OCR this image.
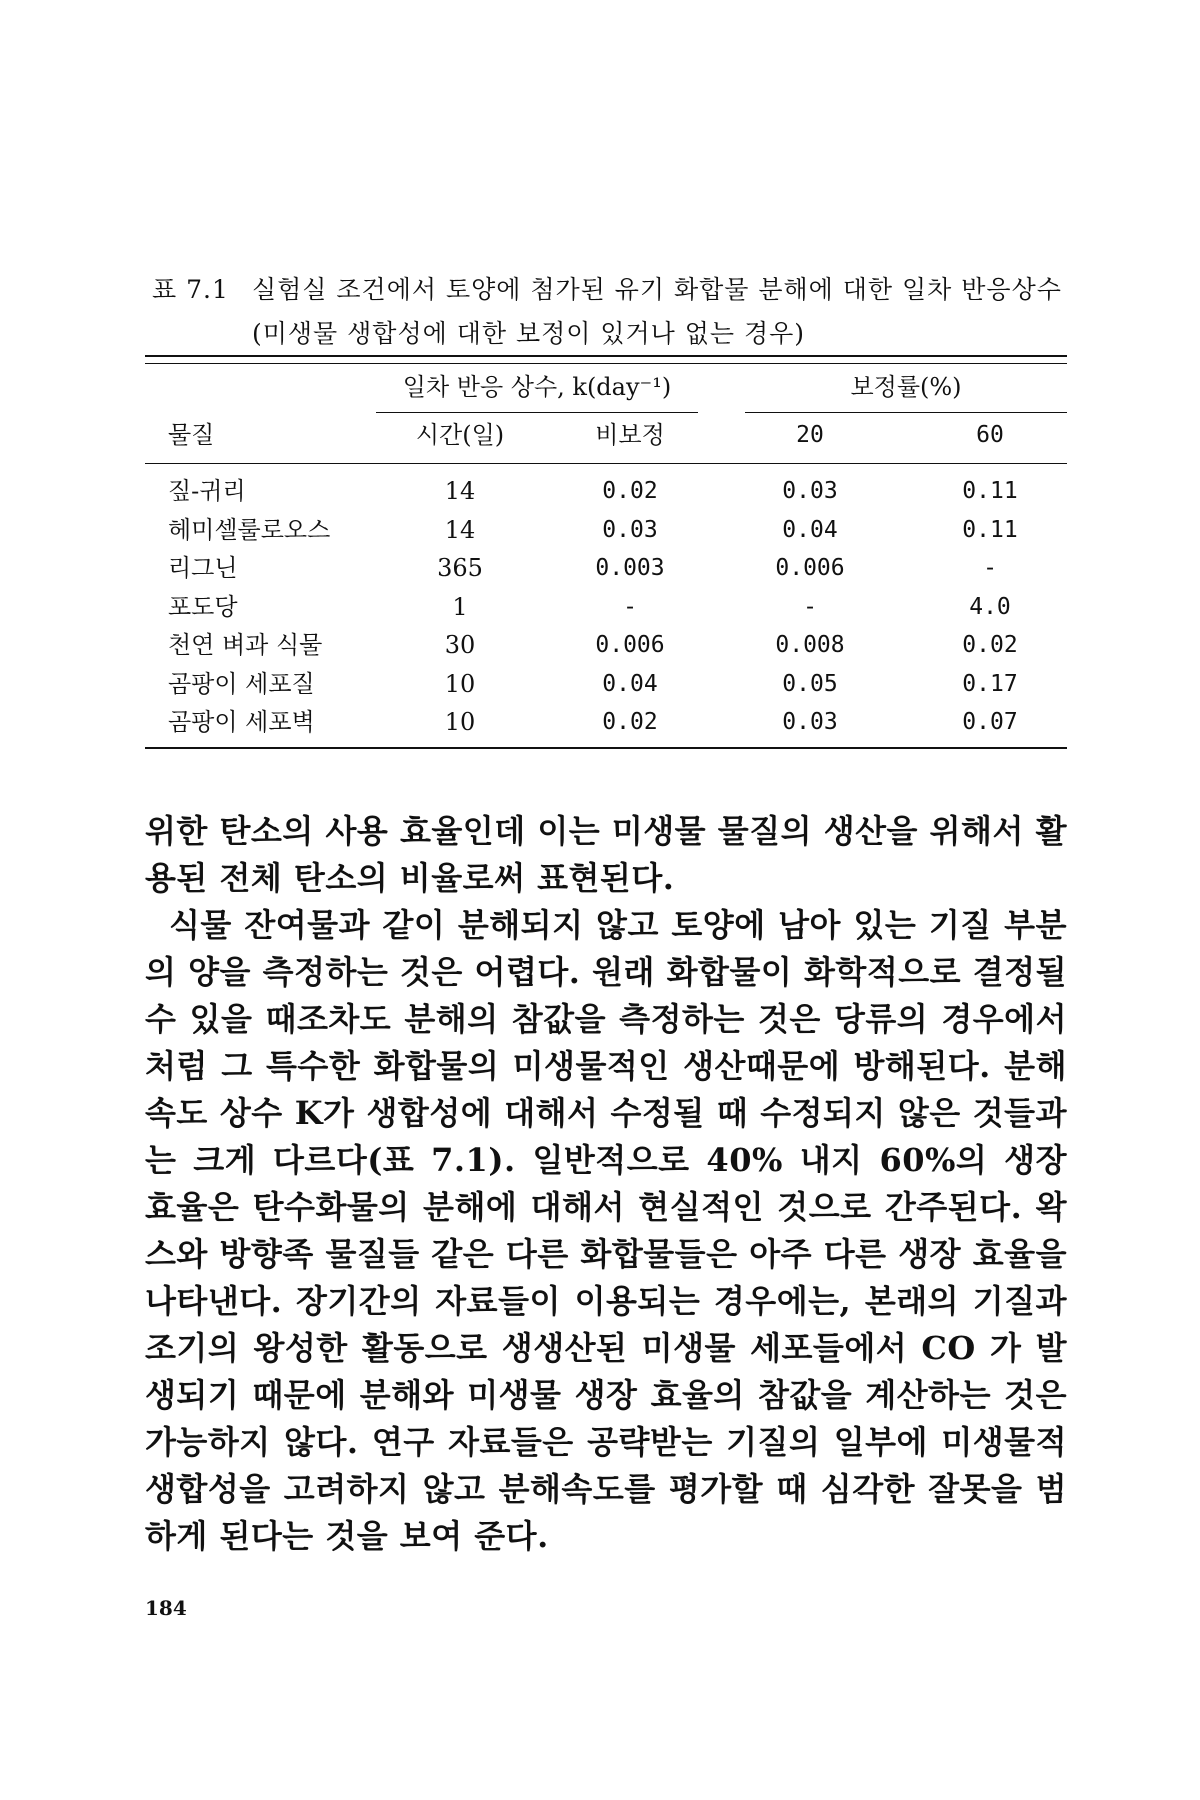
표 7.1 실험실 조건에서 토양에 첨가된 유기 화합물 분해에 대한 일차 반응상수(미생물 생합성에 대한 보정이 있거나 없는 경우)
일차 반응 상수, k(day⁻¹)	보정률(%)
물질	시간(일)	비보정	20	60
짚-귀리	14	0.02	0.03	0.11
헤미셀룰로오스	14	0.03	0.04	0.11
리그닌	365	0.003	0.006	-
포도당	1	-	-	4.0
천연 벼과 식물	30	0.006	0.008	0.02
곰팡이 세포질	10	0.04	0.05	0.17
곰팡이 세포벽	10	0.02	0.03	0.07

위한 탄소의 사용 효율인데 이는 미생물 물질의 생산을 위해서 활용된 전체 탄소의 비율로써 표현된다.

식물 잔여물과 같이 분해되지 않고 토양에 남아 있는 기질 부분의 양을 측정하는 것은 어렵다. 원래 화합물이 화학적으로 결정될 수 있을 때조차도 분해의 참값을 측정하는 것은 당류의 경우에서처럼 그 특수한 화합물의 미생물적인 생산때문에 방해된다. 분해 속도 상수 K가 생합성에 대해서 수정될 때 수정되지 않은 것들과는 크게 다르다(표 7.1). 일반적으로 40% 내지 60%의 생장 효율은 탄수화물의 분해에 대해서 현실적인 것으로 간주된다. 왁스와 방향족 물질들 같은 다른 화합물들은 아주 다른 생장 효율을 나타낸다. 장기간의 자료들이 이용되는 경우에는, 본래의 기질과 조기의 왕성한 활동으로 생생산된 미생물 세포들에서 CO 가 발생되기 때문에 분해와 미생물 생장 효율의 참값을 계산하는 것은 가능하지 않다. 연구 자료들은 공략받는 기질의 일부에 미생물적 생합성을 고려하지 않고 분해속도를 평가할 때 심각한 잘못을 범하게 된다는 것을 보여 준다.

184
